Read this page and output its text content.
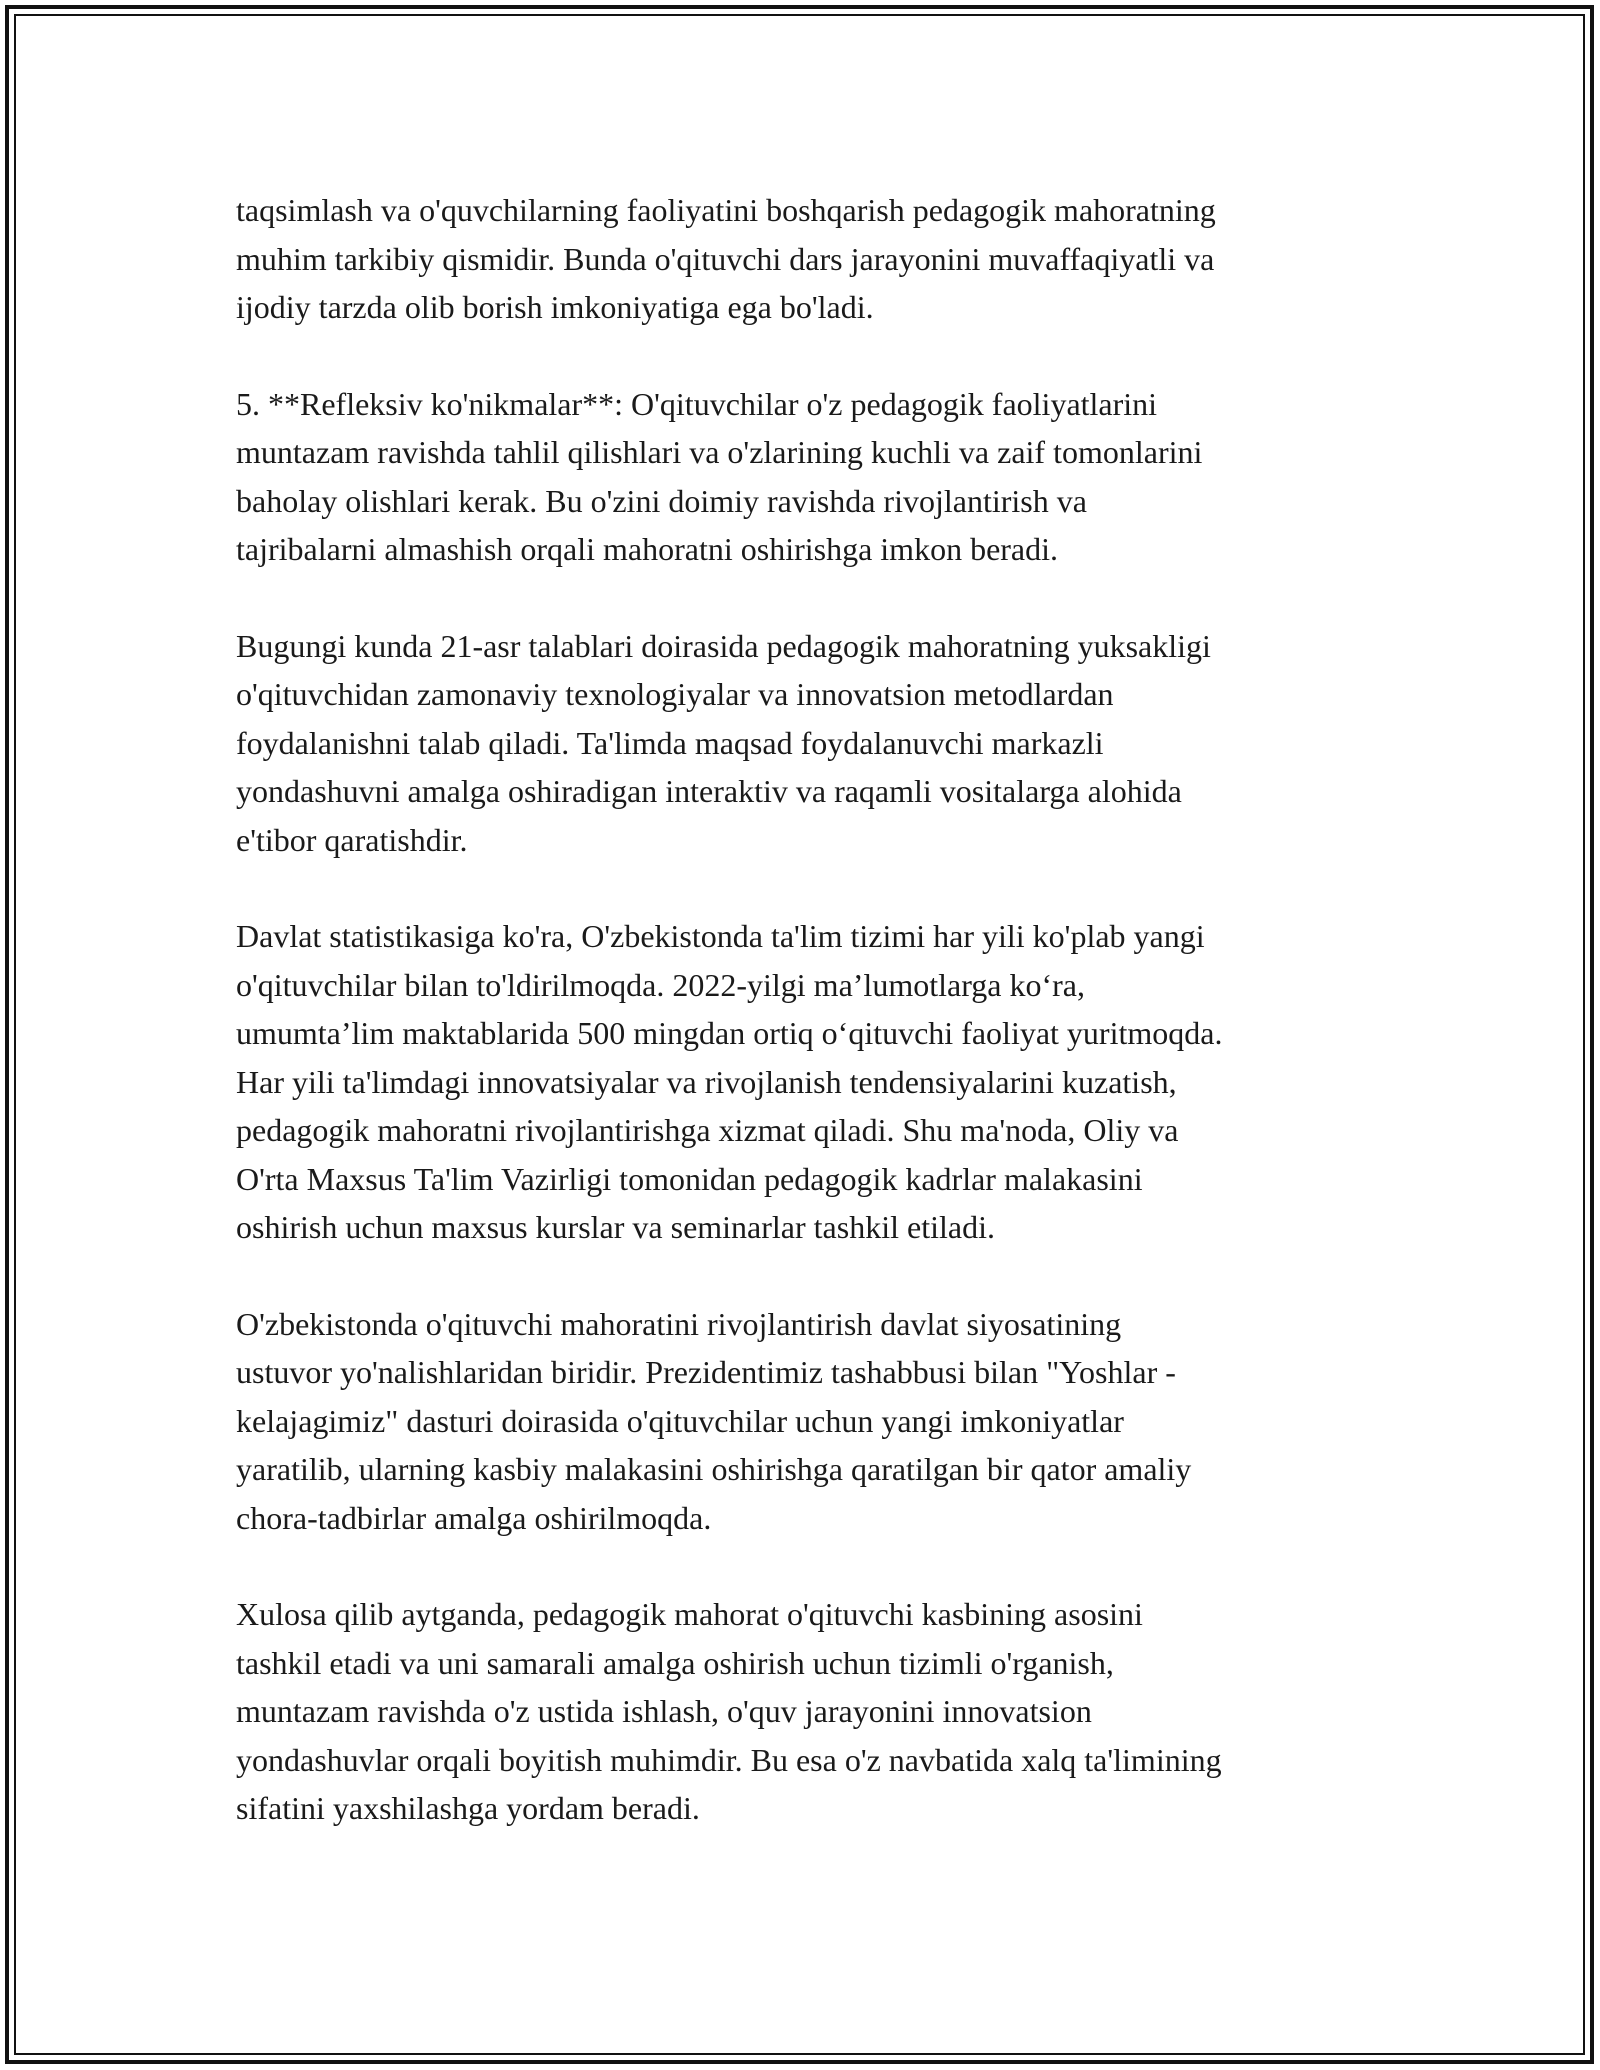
taqsimlash va o'quvchilarning faoliyatini boshqarish pedagogik mahoratning
muhim tarkibiy qismidir. Bunda o'qituvchi dars jarayonini muvaffaqiyatli va
ijodiy tarzda olib borish imkoniyatiga ega bo'ladi.

5. **Refleksiv ko'nikmalar**: O'qituvchilar o'z pedagogik faoliyatlarini
muntazam ravishda tahlil qilishlari va o'zlarining kuchli va zaif tomonlarini
baholay olishlari kerak. Bu o'zini doimiy ravishda rivojlantirish va
tajribalarni almashish orqali mahoratni oshirishga imkon beradi.

Bugungi kunda 21-asr talablari doirasida pedagogik mahoratning yuksakligi
o'qituvchidan zamonaviy texnologiyalar va innovatsion metodlardan
foydalanishni talab qiladi. Ta'limda maqsad foydalanuvchi markazli
yondashuvni amalga oshiradigan interaktiv va raqamli vositalarga alohida
e'tibor qaratishdir.

Davlat statistikasiga ko'ra, O'zbekistonda ta'lim tizimi har yili ko'plab yangi
o'qituvchilar bilan to'ldirilmoqda. 2022-yilgi ma’lumotlarga ko‘ra,
umumta’lim maktablarida 500 mingdan ortiq o‘qituvchi faoliyat yuritmoqda.
Har yili ta'limdagi innovatsiyalar va rivojlanish tendensiyalarini kuzatish,
pedagogik mahoratni rivojlantirishga xizmat qiladi. Shu ma'noda, Oliy va
O'rta Maxsus Ta'lim Vazirligi tomonidan pedagogik kadrlar malakasini
oshirish uchun maxsus kurslar va seminarlar tashkil etiladi.

O'zbekistonda o'qituvchi mahoratini rivojlantirish davlat siyosatining
ustuvor yo'nalishlaridan biridir. Prezidentimiz tashabbusi bilan "Yoshlar -
kelajagimiz" dasturi doirasida o'qituvchilar uchun yangi imkoniyatlar
yaratilib, ularning kasbiy malakasini oshirishga qaratilgan bir qator amaliy
chora-tadbirlar amalga oshirilmoqda.

Xulosa qilib aytganda, pedagogik mahorat o'qituvchi kasbining asosini
tashkil etadi va uni samarali amalga oshirish uchun tizimli o'rganish,
muntazam ravishda o'z ustida ishlash, o'quv jarayonini innovatsion
yondashuvlar orqali boyitish muhimdir. Bu esa o'z navbatida xalq ta'limining
sifatini yaxshilashga yordam beradi.
